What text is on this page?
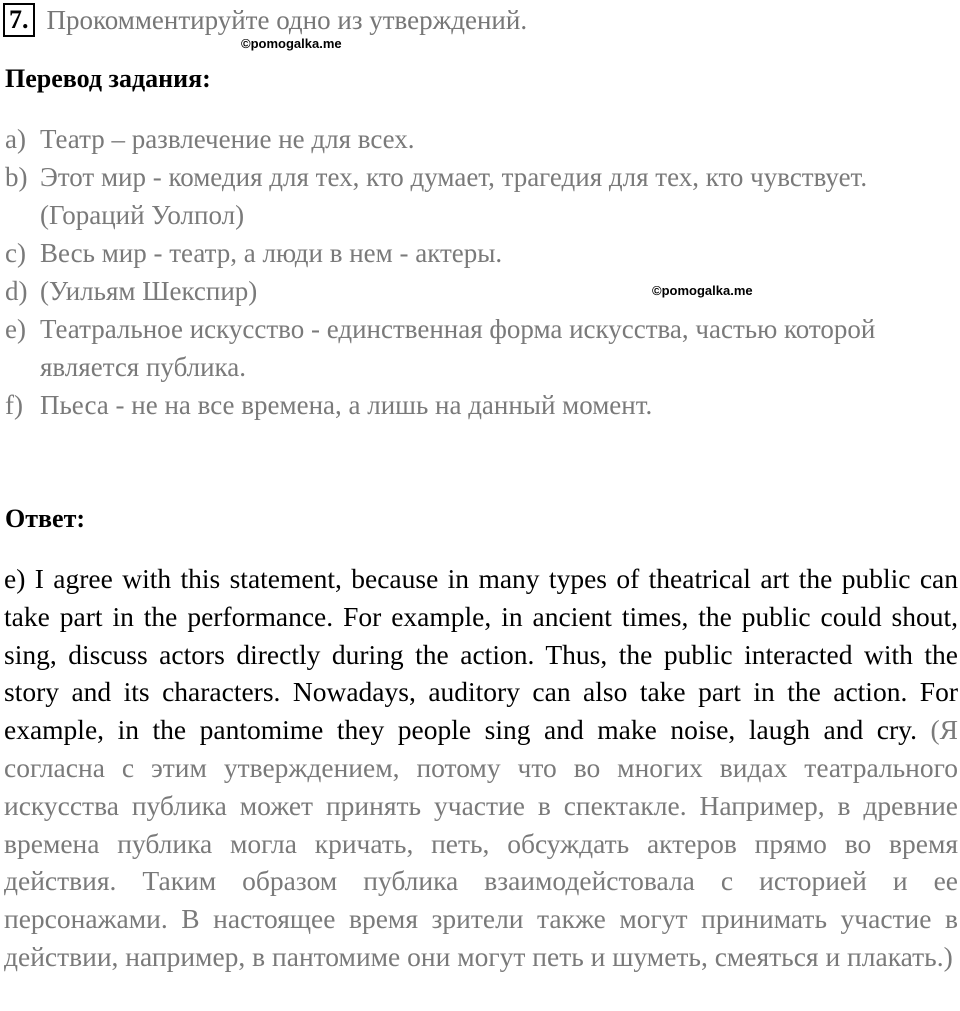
7. Прокомментируйте одно из утверждений.
©pomogalka.me
Перевод задания:
a) Театр – развлечение не для всех.
b) Этот мир - комедия для тех, кто думает, трагедия для тех, кто чувствует. (Гораций Уолпол)
c) Весь мир - театр, а люди в нем - актеры.
d) (Уильям Шекспир)
e) Театральное искусство - единственная форма искусства, частью которой является публика.
f) Пьеса - не на все времена, а лишь на данный момент.
©pomogalka.me
Ответ:

e) I agree with this statement, because in many types of theatrical art the public can take part in the performance. For example, in ancient times, the public could shout, sing, discuss actors directly during the action. Thus, the public interacted with the story and its characters. Nowadays, auditory can also take part in the action. For example, in the pantomime they people sing and make noise, laugh and cry. (Я согласна с этим утверждением, потому что во многих видах театрального искусства публика может принять участие в спектакле. Например, в древние времена публика могла кричать, петь, обсуждать актеров прямо во время действия. Таким образом публика взаимодейстовала с историей и ее персонажами. В настоящее время зрители также могут принимать участие в действии, например, в пантомиме они могут петь и шуметь, смеяться и плакать.)
